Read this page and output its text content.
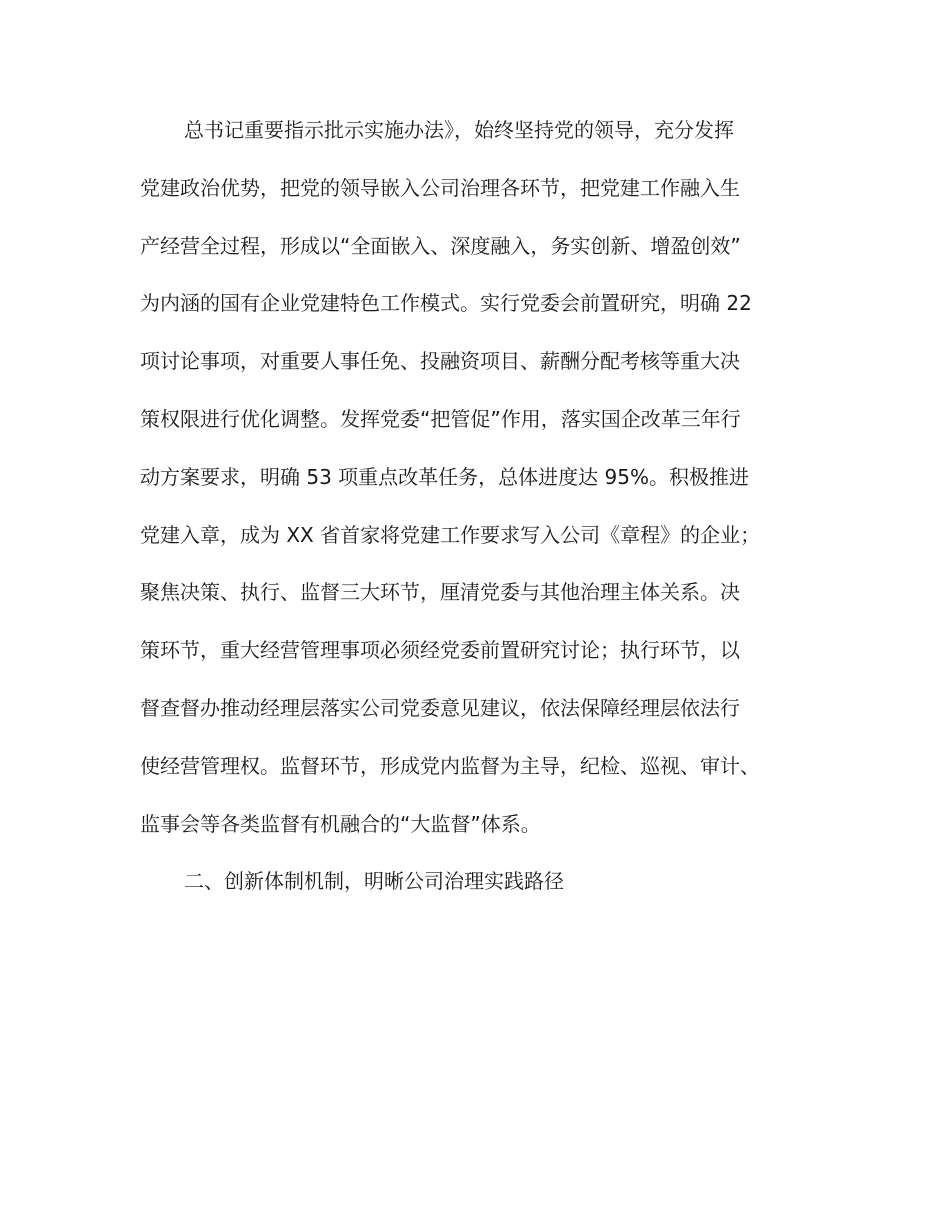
总书记重要指示批示实施办法》，始终坚持党的领导，充分发挥
党建政治优势，把党的领导嵌入公司治理各环节，把党建工作融入生
产经营全过程，形成以“全面嵌入、深度融入，务实创新、增盈创效”
为内涵的国有企业党建特色工作模式。实行党委会前置研究，明确 22
项讨论事项，对重要人事任免、投融资项目、薪酬分配考核等重大决
策权限进行优化调整。发挥党委“把管促”作用，落实国企改革三年行
动方案要求，明确 53 项重点改革任务，总体进度达 95%。积极推进
党建入章，成为 XX 省首家将党建工作要求写入公司《章程》的企业；
聚焦决策、执行、监督三大环节，厘清党委与其他治理主体关系。决
策环节，重大经营管理事项必须经党委前置研究讨论；执行环节，以
督查督办推动经理层落实公司党委意见建议，依法保障经理层依法行
使经营管理权。监督环节，形成党内监督为主导，纪检、巡视、审计、
监事会等各类监督有机融合的“大监督”体系。
二、创新体制机制，明晰公司治理实践路径
